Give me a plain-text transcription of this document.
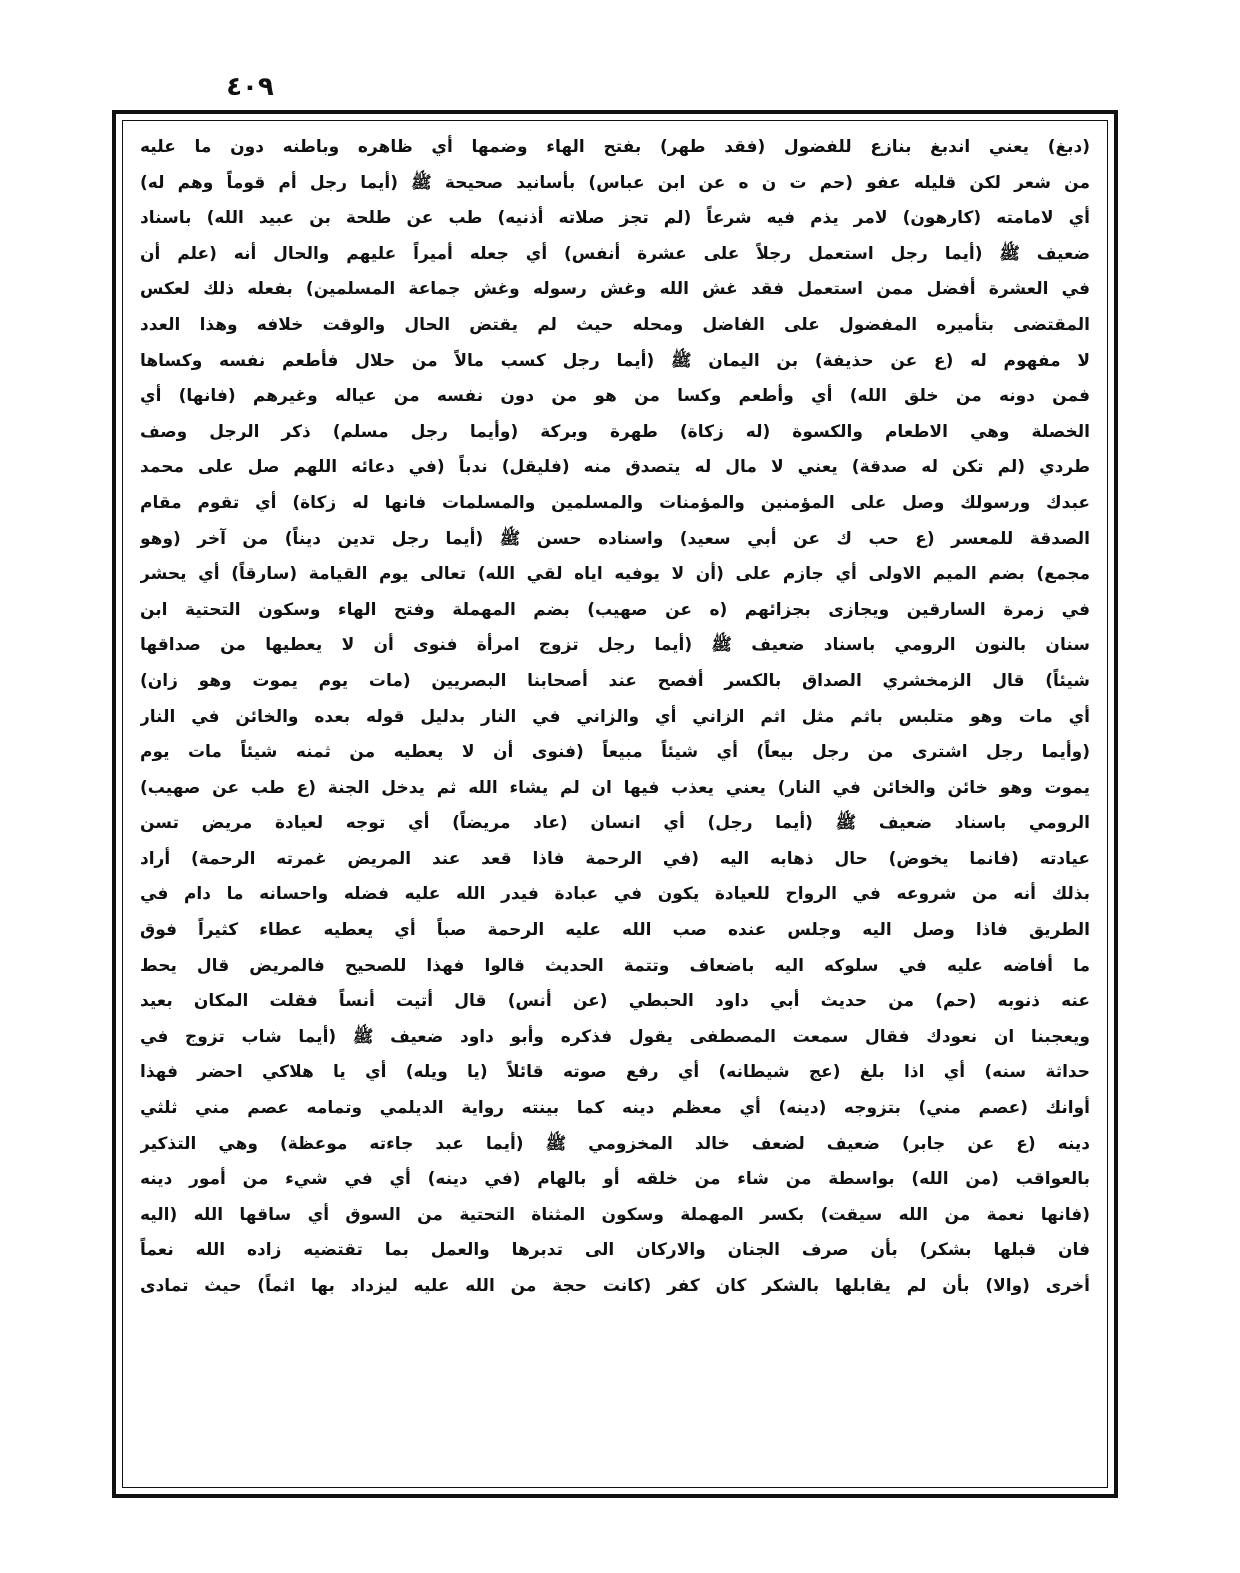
٤٠٩
(دبغ) يعني اندبغ بنازع للفضول (فقد طهر) بفتح الهاء وضمها أي ظاهره وباطنه دون ما عليه
من شعر لكن قليله عفو (حم ت ن ه عن ابن عباس) بأسانيد صحيحة ﷺ (أيما رجل أم قوماً وهم له)
أي لامامته (كارهون) لامر يذم فيه شرعاً (لم تجز صلاته أذنيه) طب عن طلحة بن عبيد الله) باسناد
ضعيف ﷺ (أيما رجل استعمل رجلاً على عشرة أنفس) أي جعله أميراً عليهم والحال أنه (علم أن
في العشرة أفضل ممن استعمل فقد غش الله وغش رسوله وغش جماعة المسلمين) بفعله ذلك لعكس
المقتضى بتأميره المفضول على الفاضل ومحله حيث لم يقتض الحال والوقت خلافه وهذا العدد
لا مفهوم له (ع عن حذيفة) بن اليمان ﷺ (أيما رجل كسب مالاً من حلال فأطعم نفسه وكساها
فمن دونه من خلق الله) أي وأطعم وكسا من هو من دون نفسه من عياله وغيرهم (فانها) أي
الخصلة وهي الاطعام والكسوة (له زكاة) طهرة وبركة (وأيما رجل مسلم) ذكر الرجل وصف
طردي (لم تكن له صدقة) يعني لا مال له يتصدق منه (فليقل) ندباً (في دعائه اللهم صل على محمد
عبدك ورسولك وصل على المؤمنين والمؤمنات والمسلمين والمسلمات فانها له زكاة) أي تقوم مقام
الصدقة للمعسر (ع حب ك عن أبي سعيد) واسناده حسن ﷺ (أيما رجل تدين ديناً) من آخر (وهو
مجمع) بضم الميم الاولى أي جازم على (أن لا يوفيه اياه لقي الله) تعالى يوم القيامة (سارقاً) أي يحشر
في زمرة السارقين ويجازى بجزائهم (ه عن صهيب) بضم المهملة وفتح الهاء وسكون التحتية ابن
سنان بالنون الرومي باسناد ضعيف ﷺ (أيما رجل تزوج امرأة فنوى أن لا يعطيها من صداقها
شيئاً) قال الزمخشري الصداق بالكسر أفصح عند أصحابنا البصريين (مات يوم يموت وهو زان)
أي مات وهو متلبس باثم مثل اثم الزاني أي والزاني في النار بدليل قوله بعده والخائن في النار
(وأيما رجل اشترى من رجل بيعاً) أي شيئاً مبيعاً (فنوى أن لا يعطيه من ثمنه شيئاً مات يوم
يموت وهو خائن والخائن في النار) يعني يعذب فيها ان لم يشاء الله ثم يدخل الجنة (ع طب عن صهيب)
الرومي باسناد ضعيف ﷺ (أيما رجل) أي انسان (عاد مريضاً) أي توجه لعيادة مريض تسن
عيادته (فانما يخوض) حال ذهابه اليه (في الرحمة فاذا قعد عند المريض غمرته الرحمة) أراد
بذلك أنه من شروعه في الرواح للعيادة يكون في عبادة فيدر الله عليه فضله واحسانه ما دام في
الطريق فاذا وصل اليه وجلس عنده صب الله عليه الرحمة صباً أي يعطيه عطاء كثيراً فوق
ما أفاضه عليه في سلوكه اليه باضعاف وتتمة الحديث قالوا فهذا للصحيح فالمريض قال يحط
عنه ذنوبه (حم) من حديث أبي داود الحبطي (عن أنس) قال أتيت أنساً فقلت المكان بعيد
ويعجبنا ان نعودك فقال سمعت المصطفى يقول فذكره وأبو داود ضعيف ﷺ (أيما شاب تزوج في
حداثة سنه) أي اذا بلغ (عج شيطانه) أي رفع صوته قائلاً (يا ويله) أي يا هلاكي احضر فهذا
أوانك (عصم مني) بتزوجه (دينه) أي معظم دينه كما بينته رواية الديلمي وتمامه عصم مني ثلثي
دينه (ع عن جابر) ضعيف لضعف خالد المخزومي ﷺ (أيما عبد جاءته موعظة) وهي التذكير
بالعواقب (من الله) بواسطة من شاء من خلقه أو بالهام (في دينه) أي في شيء من أمور دينه
(فانها نعمة من الله سيقت) بكسر المهملة وسكون المثناة التحتية من السوق أي ساقها الله (اليه
فان قبلها بشكر) بأن صرف الجنان والاركان الى تدبرها والعمل بما تقتضيه زاده الله نعماً
أخرى (والا) بأن لم يقابلها بالشكر كان كفر (كانت حجة من الله عليه ليزداد بها اثماً) حيث تمادى
